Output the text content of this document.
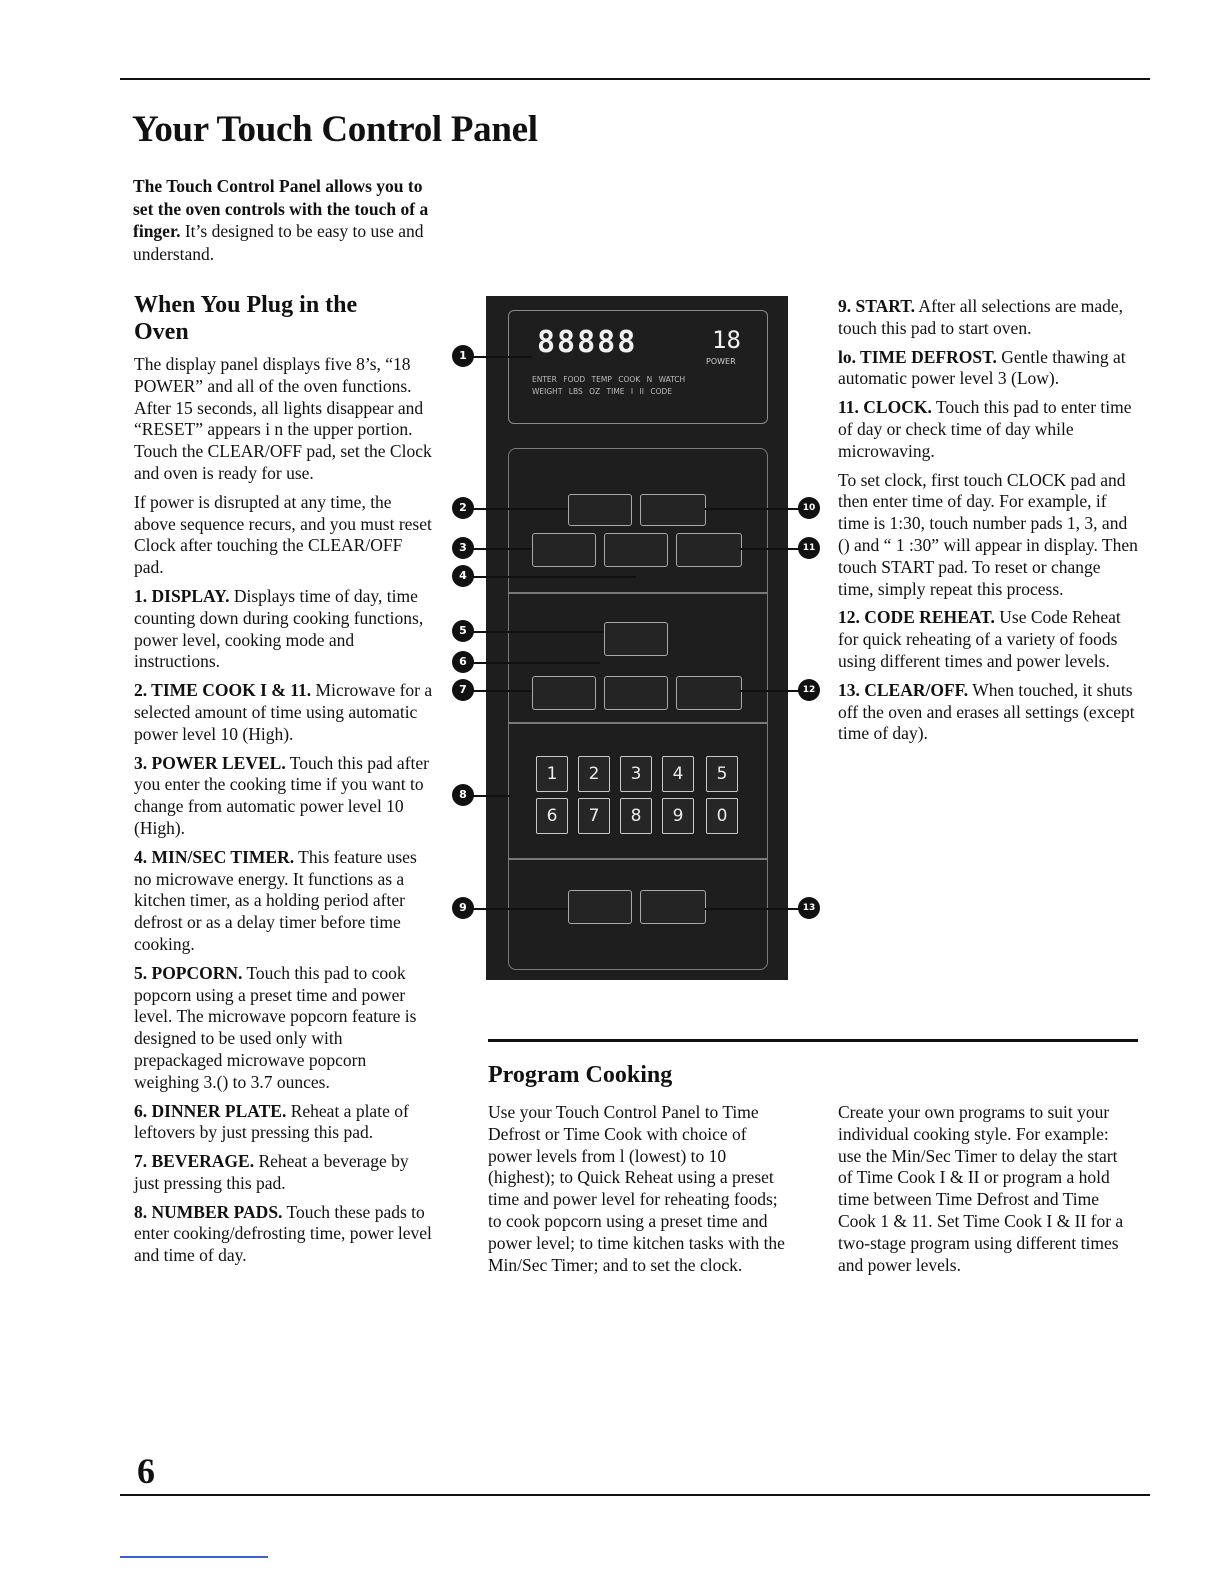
Your Touch Control Panel
The Touch Control Panel allows you to set the oven controls with the touch of a finger. It’s designed to be easy to use and understand.
When You Plug in the Oven

The display panel displays five 8’s, “18 POWER” and all of the oven functions. After 15 seconds, all lights disappear and “RESET” appears i n the upper portion. Touch the CLEAR/OFF pad, set the Clock and oven is ready for use.

If power is disrupted at any time, the above sequence recurs, and you must reset Clock after touching the CLEAR/OFF pad.

1. DISPLAY. Displays time of day, time counting down during cooking functions, power level, cooking mode and instructions.

2. TIME COOK I & 11. Microwave for a selected amount of time using automatic power level 10 (High).

3. POWER LEVEL. Touch this pad after you enter the cooking time if you want to change from automatic power level 10 (High).

4. MIN/SEC TIMER. This feature uses no microwave energy. It functions as a kitchen timer, as a holding period after defrost or as a delay timer before time cooking.

5. POPCORN. Touch this pad to cook popcorn using a preset time and power level. The microwave popcorn feature is designed to be used only with prepackaged microwave popcorn weighing 3.() to 3.7 ounces.

6. DINNER PLATE. Reheat a plate of leftovers by just pressing this pad.

7. BEVERAGE. Reheat a beverage by just pressing this pad.

8. NUMBER PADS. Touch these pads to enter cooking/defrosting time, power level and time of day.

9. START. After all selections are made, touch this pad to start oven.

lo. TIME DEFROST. Gentle thawing at automatic power level 3 (Low).

11. CLOCK. Touch this pad to enter time of day or check time of day while microwaving.

To set clock, first touch CLOCK pad and then enter time of day. For example, if time is 1:30, touch number pads 1, 3, and () and “ 1 :30” will appear in display. Then touch START pad. To reset or change time, simply repeat this process.

12. CODE REHEAT. Use Code Reheat for quick reheating of a variety of foods using different times and power levels.

13. CLEAR/OFF. When touched, it shuts off the oven and erases all settings (except time of day).

88888	18
POWER
ENTER FOOD TEMP COOK N WATCH
WEIGHT LBS OZ TIME I II CODE
1	2	3	4	5
6	7	8	9	0
1
2
3
4
5
6
7
8
9
10
11
12
13
Program Cooking
Use your Touch Control Panel to Time Defrost or Time Cook with choice of power levels from l (lowest) to 10 (highest); to Quick Reheat using a preset time and power level for reheating foods; to cook popcorn using a preset time and power level; to time kitchen tasks with the Min/Sec Timer; and to set the clock.
Create your own programs to suit your individual cooking style. For example: use the Min/Sec Timer to delay the start of Time Cook I & II or program a hold time between Time Defrost and Time Cook 1 & 11. Set Time Cook I & II for a two-stage program using different times and power levels.
6
